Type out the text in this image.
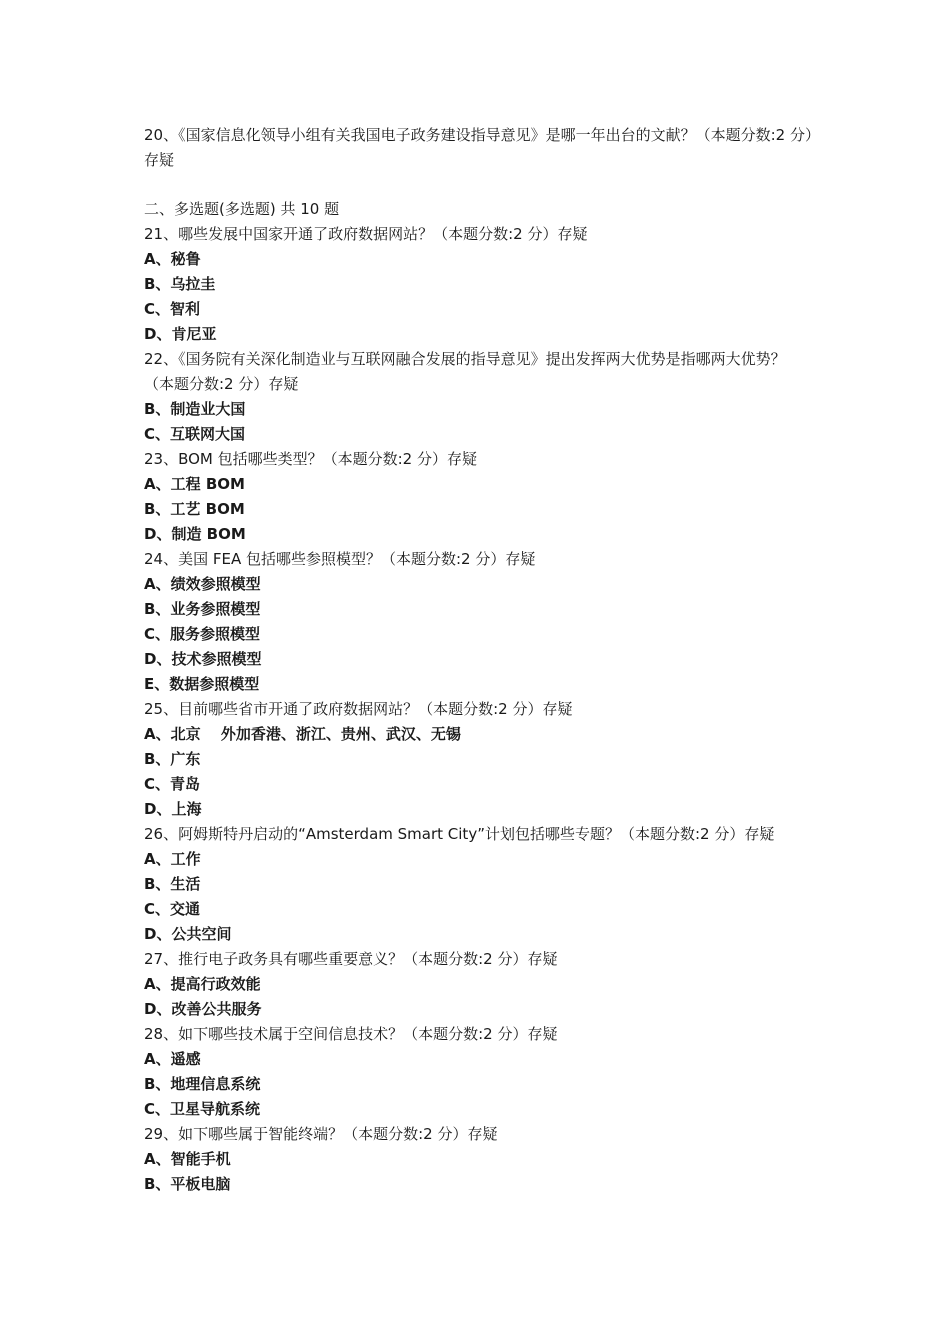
20、《国家信息化领导小组有关我国电子政务建设指导意见》是哪一年出台的文献？（本题分数:2 分）存疑
二、多选题(多选题) 共 10 题
21、哪些发展中国家开通了政府数据网站？（本题分数:2 分）存疑
A、秘鲁
B、乌拉圭
C、智利
D、肯尼亚
22、《国务院有关深化制造业与互联网融合发展的指导意见》提出发挥两大优势是指哪两大优势？（本题分数:2 分）存疑
B、制造业大国
C、互联网大国
23、BOM 包括哪些类型？（本题分数:2 分）存疑
A、工程 BOM
B、工艺 BOM
D、制造 BOM
24、美国 FEA 包括哪些参照模型？（本题分数:2 分）存疑
A、绩效参照模型
B、业务参照模型
C、服务参照模型
D、技术参照模型
E、数据参照模型
25、目前哪些省市开通了政府数据网站？（本题分数:2 分）存疑
A、北京　 外加香港、浙江、贵州、武汉、无锡
B、广东
C、青岛
D、上海
26、阿姆斯特丹启动的“Amsterdam Smart City”计划包括哪些专题？（本题分数:2 分）存疑
A、工作
B、生活
C、交通
D、公共空间
27、推行电子政务具有哪些重要意义？（本题分数:2 分）存疑
A、提高行政效能
D、改善公共服务
28、如下哪些技术属于空间信息技术？（本题分数:2 分）存疑
A、遥感
B、地理信息系统
C、卫星导航系统
29、如下哪些属于智能终端？（本题分数:2 分）存疑
A、智能手机
B、平板电脑
